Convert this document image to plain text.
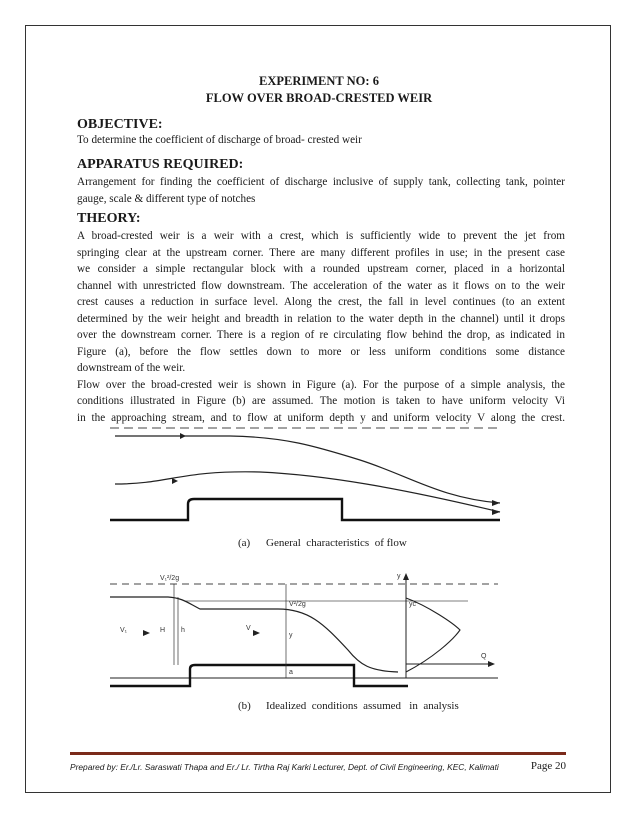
EXPERIMENT NO: 6
FLOW OVER BROAD-CRESTED WEIR
OBJECTIVE:
To determine the coefficient of discharge of broad- crested weir
APPARATUS REQUIRED:
Arrangement for finding the coefficient of discharge inclusive of supply tank, collecting tank, pointer
gauge, scale & different type of notches
THEORY:
A broad-crested weir is a weir with a crest, which is sufficiently wide to prevent the jet from
springing clear at the upstream corner. There are many different profiles in use; in the present case
we consider a simple rectangular block with a rounded upstream corner, placed in a horizontal
channel with unrestricted flow downstream. The acceleration of the water as it flows on to the weir
crest causes a reduction in surface level. Along the crest, the fall in level continues (to an extent
determined by the weir height and breadth in relation to the water depth in the channel) until it drops
over the downstream corner. There is a region of re circulating flow behind the drop, as indicated in
Figure (a), before the flow settles down to more or less uniform conditions some distance
downstream of the weir.
Flow over the broad-crested weir is shown in Figure (a). For the purpose of a simple analysis, the
conditions illustrated in Figure (b) are assumed. The motion is taken to have uniform velocity Vi
in the approaching stream, and to flow at uniform depth y and uniform velocity V along the crest.
(a) General  characteristics  of flow
V₁²/2g
V₁	H h	V
V²/2g
y
a
y
yc
Q
(b) Idealized  conditions  assumed   in  analysis
Prepared by: Er./Lr. Saraswati Thapa and Er./ Lr. Tirtha Raj Karki Lecturer, Dept. of Civil Engineering, KEC, Kalimati	Page 20
